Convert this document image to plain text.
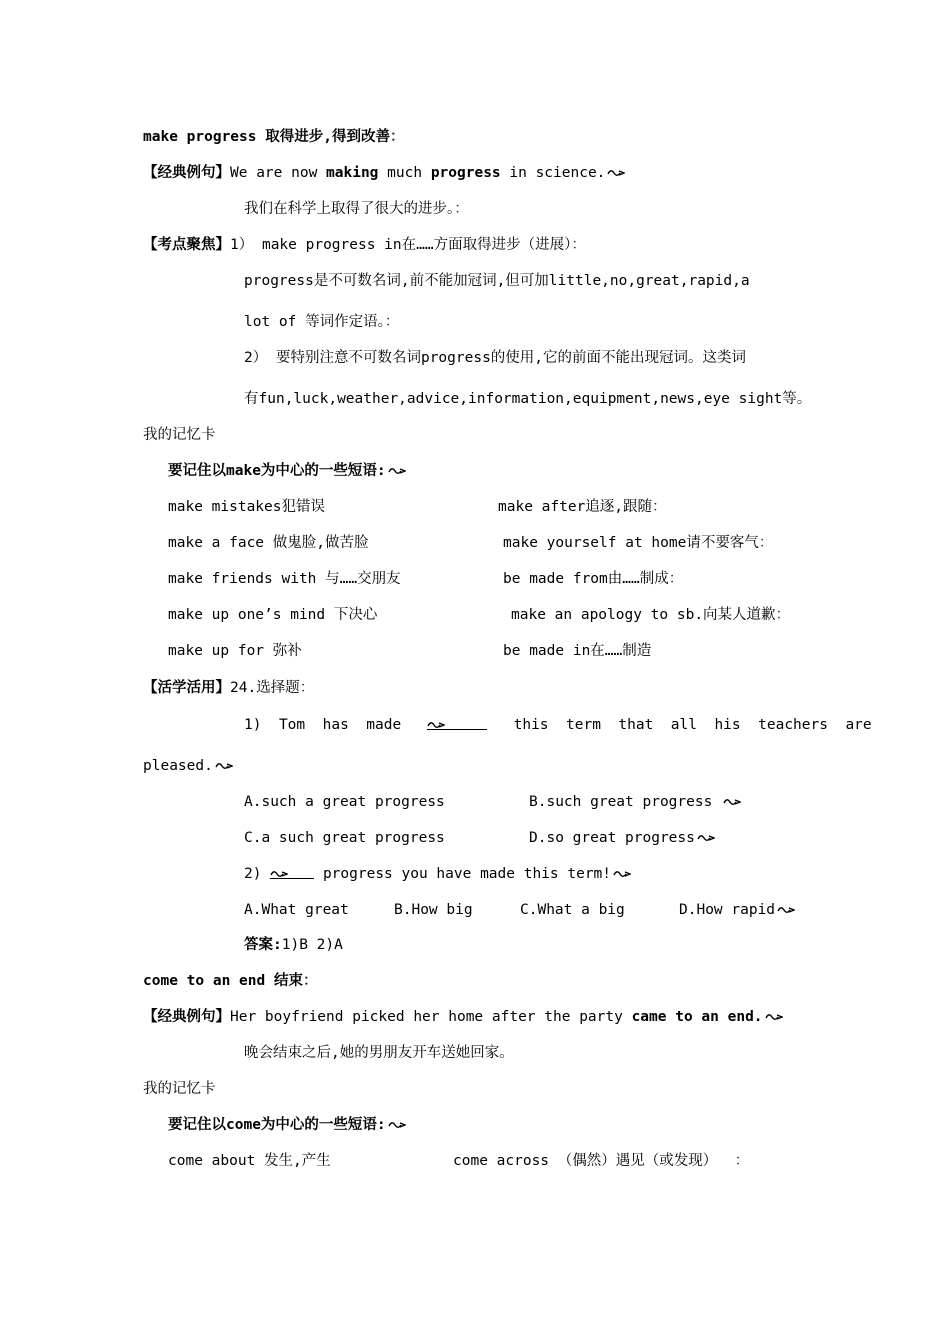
make progress 取得进步,得到改善：
【经典例句】We are now making much progress in science.
我们在科学上取得了很大的进步。：
【考点聚焦】1） make progress in在……方面取得进步（进展）：
progress是不可数名词,前不能加冠词,但可加little,no,great,rapid,a
lot of 等词作定语。：
2） 要特别注意不可数名词progress的使用,它的前面不能出现冠词。这类词
有fun,luck,weather,advice,information,equipment,news,eye sight等。
我的记忆卡
要记住以make为中心的一些短语:
make mistakes犯错误	make after追逐,跟随：
make a face 做鬼脸,做苦脸	make yourself at home请不要客气：
make friends with 与……交朋友	be made from由……制成：
make up one’s mind 下决心	make an apology to sb.向某人道歉：
make up for 弥补	be made in在……制造
【活学活用】24.选择题：
1) Tom has made	this term that all his teachers are
pleased.
A.such a great progress	B.such great progress
C.a such great progress	D.so great progress
2)	progress you have made this term!
A.What great	B.How big	C.What a big	D.How rapid
答案:1)B 2)A
come to an end 结束：
【经典例句】Her boyfriend picked her home after the party came to an end.
晚会结束之后,她的男朋友开车送她回家。
我的记忆卡
要记住以come为中心的一些短语:
come about 发生,产生	come across （偶然）遇见（或发现） ：
